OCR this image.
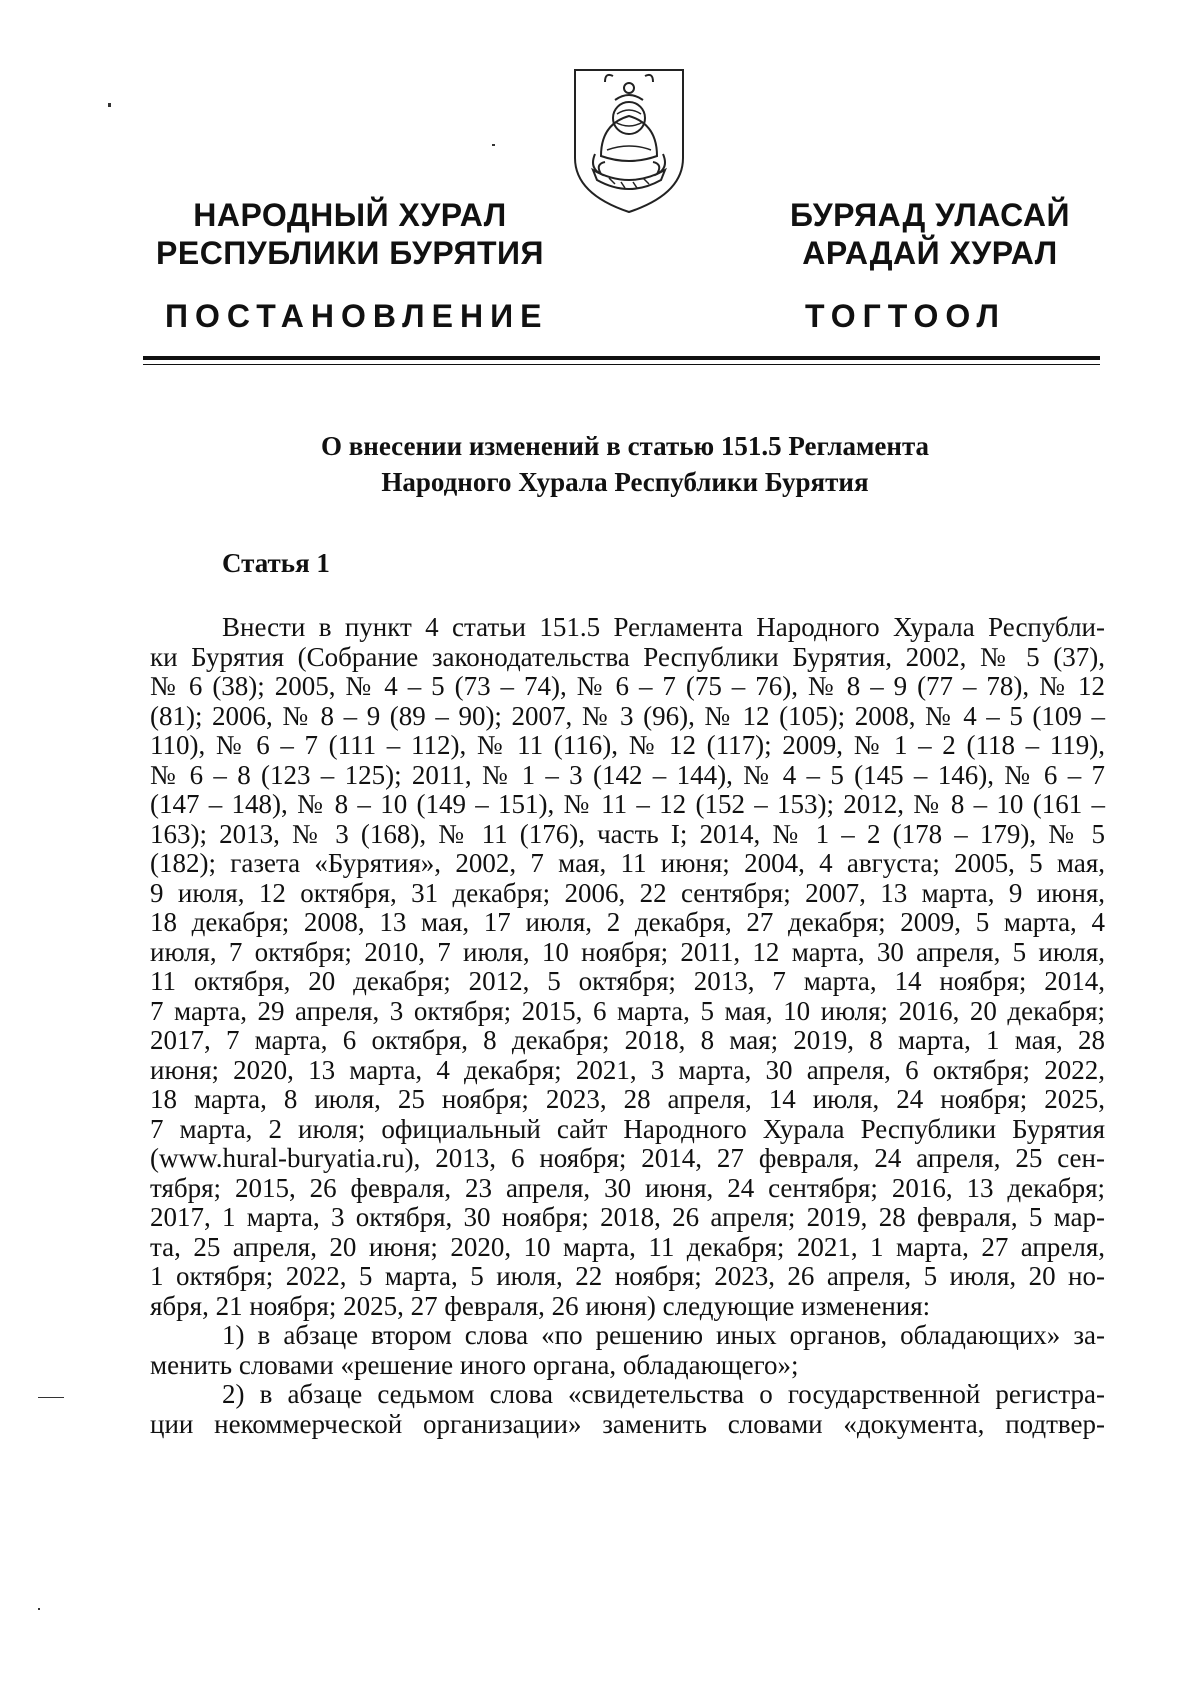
НАРОДНЫЙ ХУРАЛ
РЕСПУБЛИКИ БУРЯТИЯ
БУРЯАД УЛАСАЙ
АРАДАЙ ХУРАЛ
ПОСТАНОВЛЕНИЕ	ТОГТООЛ
О внесении изменений в статью 151.5 Регламента
Народного Хурала Республики Бурятия
Статья 1
Внести в пункт 4 статьи 151.5 Регламента Народного Хурала Республи-
ки Бурятия (Собрание законодательства Республики Бурятия, 2002, № 5 (37),
№ 6 (38); 2005, № 4 – 5 (73 – 74), № 6 – 7 (75 – 76), № 8 – 9 (77 – 78), № 12
(81); 2006, № 8 – 9 (89 – 90); 2007, № 3 (96), № 12 (105); 2008, № 4 – 5 (109 –
110), № 6 – 7 (111 – 112), № 11 (116), № 12 (117); 2009, № 1 – 2 (118 – 119),
№ 6 – 8 (123 – 125); 2011, № 1 – 3 (142 – 144), № 4 – 5 (145 – 146), № 6 – 7
(147 – 148), № 8 – 10 (149 – 151), № 11 – 12 (152 – 153); 2012, № 8 – 10 (161 –
163); 2013, № 3 (168), № 11 (176), часть I; 2014, № 1 – 2 (178 – 179), № 5
(182); газета «Бурятия», 2002, 7 мая, 11 июня; 2004, 4 августа; 2005, 5 мая,
9 июля, 12 октября, 31 декабря; 2006, 22 сентября; 2007, 13 марта, 9 июня,
18 декабря; 2008, 13 мая, 17 июля, 2 декабря, 27 декабря; 2009, 5 марта, 4
июля, 7 октября; 2010, 7 июля, 10 ноября; 2011, 12 марта, 30 апреля, 5 июля,
11 октября, 20 декабря; 2012, 5 октября; 2013, 7 марта, 14 ноября; 2014,
7 марта, 29 апреля, 3 октября; 2015, 6 марта, 5 мая, 10 июля; 2016, 20 декабря;
2017, 7 марта, 6 октября, 8 декабря; 2018, 8 мая; 2019, 8 марта, 1 мая, 28
июня; 2020, 13 марта, 4 декабря; 2021, 3 марта, 30 апреля, 6 октября; 2022,
18 марта, 8 июля, 25 ноября; 2023, 28 апреля, 14 июля, 24 ноября; 2025,
7 марта, 2 июля; официальный сайт Народного Хурала Республики Бурятия
(www.hural-buryatia.ru), 2013, 6 ноября; 2014, 27 февраля, 24 апреля, 25 сен-
тября; 2015, 26 февраля, 23 апреля, 30 июня, 24 сентября; 2016, 13 декабря;
2017, 1 марта, 3 октября, 30 ноября; 2018, 26 апреля; 2019, 28 февраля, 5 мар-
та, 25 апреля, 20 июня; 2020, 10 марта, 11 декабря; 2021, 1 марта, 27 апреля,
1 октября; 2022, 5 марта, 5 июля, 22 ноября; 2023, 26 апреля, 5 июля, 20 но-
ября, 21 ноября; 2025, 27 февраля, 26 июня) следующие изменения:
1) в абзаце втором слова «по решению иных органов, обладающих» за-
менить словами «решение иного органа, обладающего»;
2) в абзаце седьмом слова «свидетельства о государственной регистра-
ции некоммерческой организации» заменить словами «документа, подтвер-
